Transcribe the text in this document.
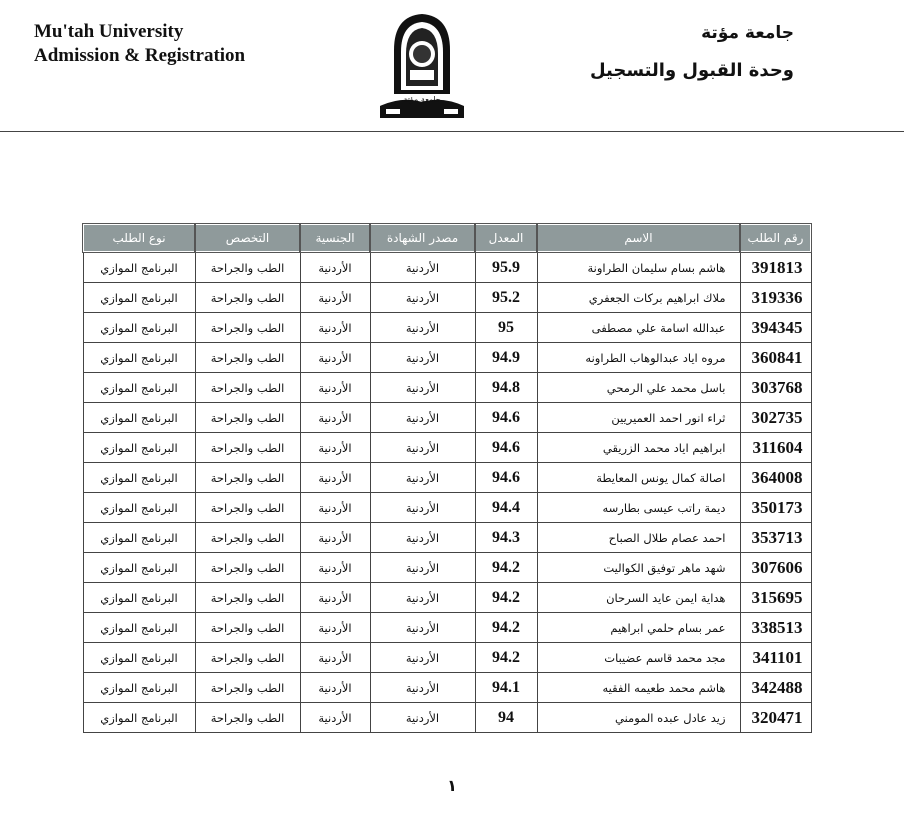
Mu'tah University
Admission & Registration
جامعة مؤتة
وحدة القبول والتسجيل
جامعة مؤتة
رقم الطلب	الاسم	المعدل	مصدر الشهادة	الجنسية	التخصص	نوع الطلب
391813	هاشم بسام سليمان الطراونة	95.9	الأردنية	الأردنية	الطب والجراحة	البرنامج الموازي
319336	ملاك ابراهيم بركات الجعفري	95.2	الأردنية	الأردنية	الطب والجراحة	البرنامج الموازي
394345	عبدالله اسامة علي مصطفى	95	الأردنية	الأردنية	الطب والجراحة	البرنامج الموازي
360841	مروه اياد عبدالوهاب الطراونه	94.9	الأردنية	الأردنية	الطب والجراحة	البرنامج الموازي
303768	باسل محمد علي الرمحي	94.8	الأردنية	الأردنية	الطب والجراحة	البرنامج الموازي
302735	ثراء انور احمد العميريين	94.6	الأردنية	الأردنية	الطب والجراحة	البرنامج الموازي
311604	ابراهيم اياد محمد الزريقي	94.6	الأردنية	الأردنية	الطب والجراحة	البرنامج الموازي
364008	اصالة كمال يونس المعايطة	94.6	الأردنية	الأردنية	الطب والجراحة	البرنامج الموازي
350173	ديمة راتب عيسى بطارسه	94.4	الأردنية	الأردنية	الطب والجراحة	البرنامج الموازي
353713	احمد عصام طلال الصباح	94.3	الأردنية	الأردنية	الطب والجراحة	البرنامج الموازي
307606	شهد ماهر توفيق الكواليت	94.2	الأردنية	الأردنية	الطب والجراحة	البرنامج الموازي
315695	هداية ايمن عايد السرحان	94.2	الأردنية	الأردنية	الطب والجراحة	البرنامج الموازي
338513	عمر بسام حلمي ابراهيم	94.2	الأردنية	الأردنية	الطب والجراحة	البرنامج الموازي
341101	مجد محمد قاسم عضيبات	94.2	الأردنية	الأردنية	الطب والجراحة	البرنامج الموازي
342488	هاشم محمد طعيمه الفقيه	94.1	الأردنية	الأردنية	الطب والجراحة	البرنامج الموازي
320471	زيد عادل عبده المومني	94	الأردنية	الأردنية	الطب والجراحة	البرنامج الموازي
١
